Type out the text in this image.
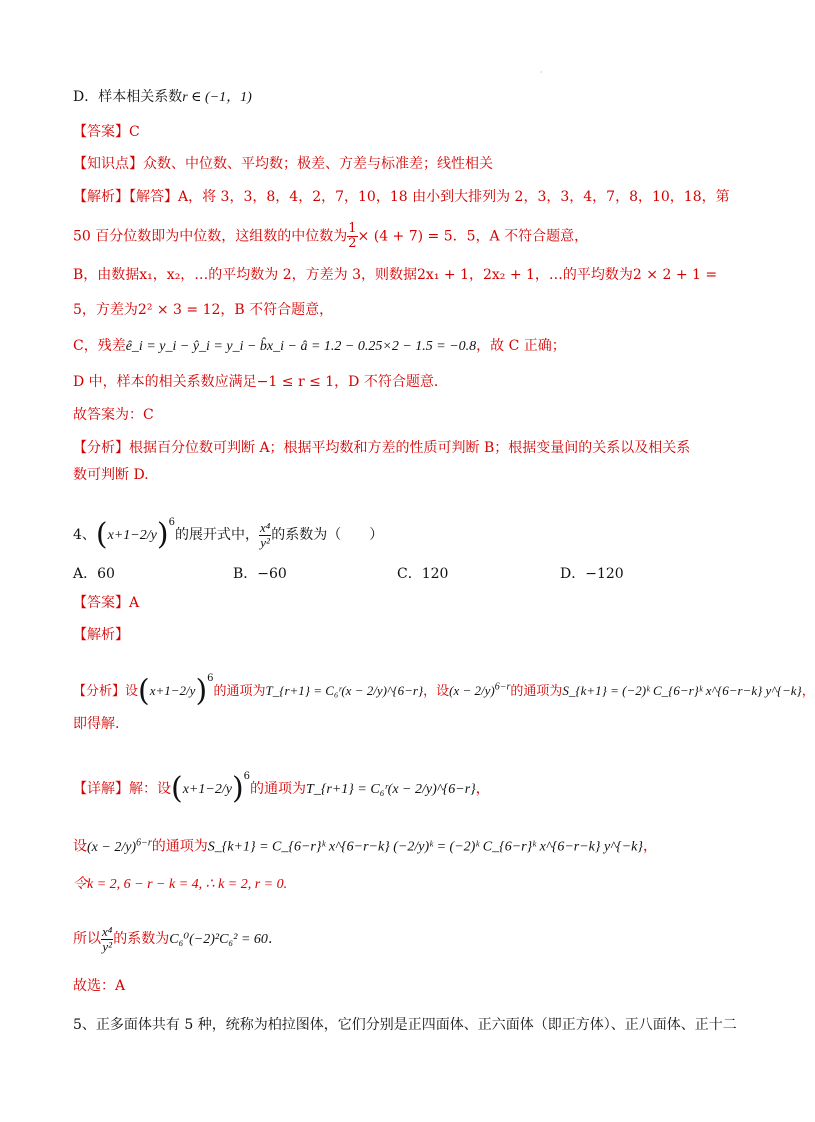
·
D．样本相关系数r ∈ (−1，1)
【答案】C
【知识点】众数、中位数、平均数；极差、方差与标准差；线性相关
【解析】【解答】A，将 3，3，8，4，2，7，10，18 由小到大排列为 2，3，3，4，7，8，10，18，第
50 百分位数即为中位数，这组数的中位数为 $\frac{1}{2} \times (4 + 7) = 5$．5，A 不符合题意，
B，由数据x₁，x₂，…的平均数为 2，方差为 3，则数据2x₁ + 1，2x₂ + 1，…的平均数为2 × 2 + 1 =
5，方差为2² × 3 = 12，B 不符合题意，
C，残差ê_i = y_i − ŷ_i = y_i − b̂x_i − â = 1.2 − 0.25×2 − 1.5 = −0.8，故 C 正确；
D 中，样本的相关系数应满足−1 ≤ r ≤ 1，D 不符合题意．
故答案为：C
【分析】根据百分位数可判断 A；根据平均数和方差的性质可判断 B；根据变量间的关系以及相关系
数可判断 D.
4、$(x+1-2/y)^6$的展开式中， $\frac{\text{x⁴}}{\text{y²}}$ 的系数为（　　）
A．60	B．−60	C．120	D．−120
【答案】A
【解析】
【分析】设$(x+1-2/y)^6$的通项为T_{r+1} = C₆ʳ(x − 2/y)^{6−r}，设$(x - 2/y)^{6-r}$的通项为S_{k+1} = (−2)ᵏ C_{6−r}ᵏ x^{6−r−k} y^{−k}，
即得解.
【详解】解：设$(x+1-2/y)^6$的通项为T_{r+1} = C₆ʳ(x − 2/y)^{6−r}，
设$(x - 2/y)^{6-r}$的通项为S_{k+1} = C_{6−r}ᵏ x^{6−r−k} (−2/y)ᵏ = (−2)ᵏ C_{6−r}ᵏ x^{6−r−k} y^{−k}，
令k = 2, 6 − r − k = 4, ∴ k = 2, r = 0.
所以 $\frac{\text{x⁴}}{\text{y²}}$ 的系数为C₆⁰(−2)²C₆² = 60.
故选：A
5、正多面体共有 5 种，统称为柏拉图体，它们分别是正四面体、正六面体（即正方体）、正八面体、正十二
